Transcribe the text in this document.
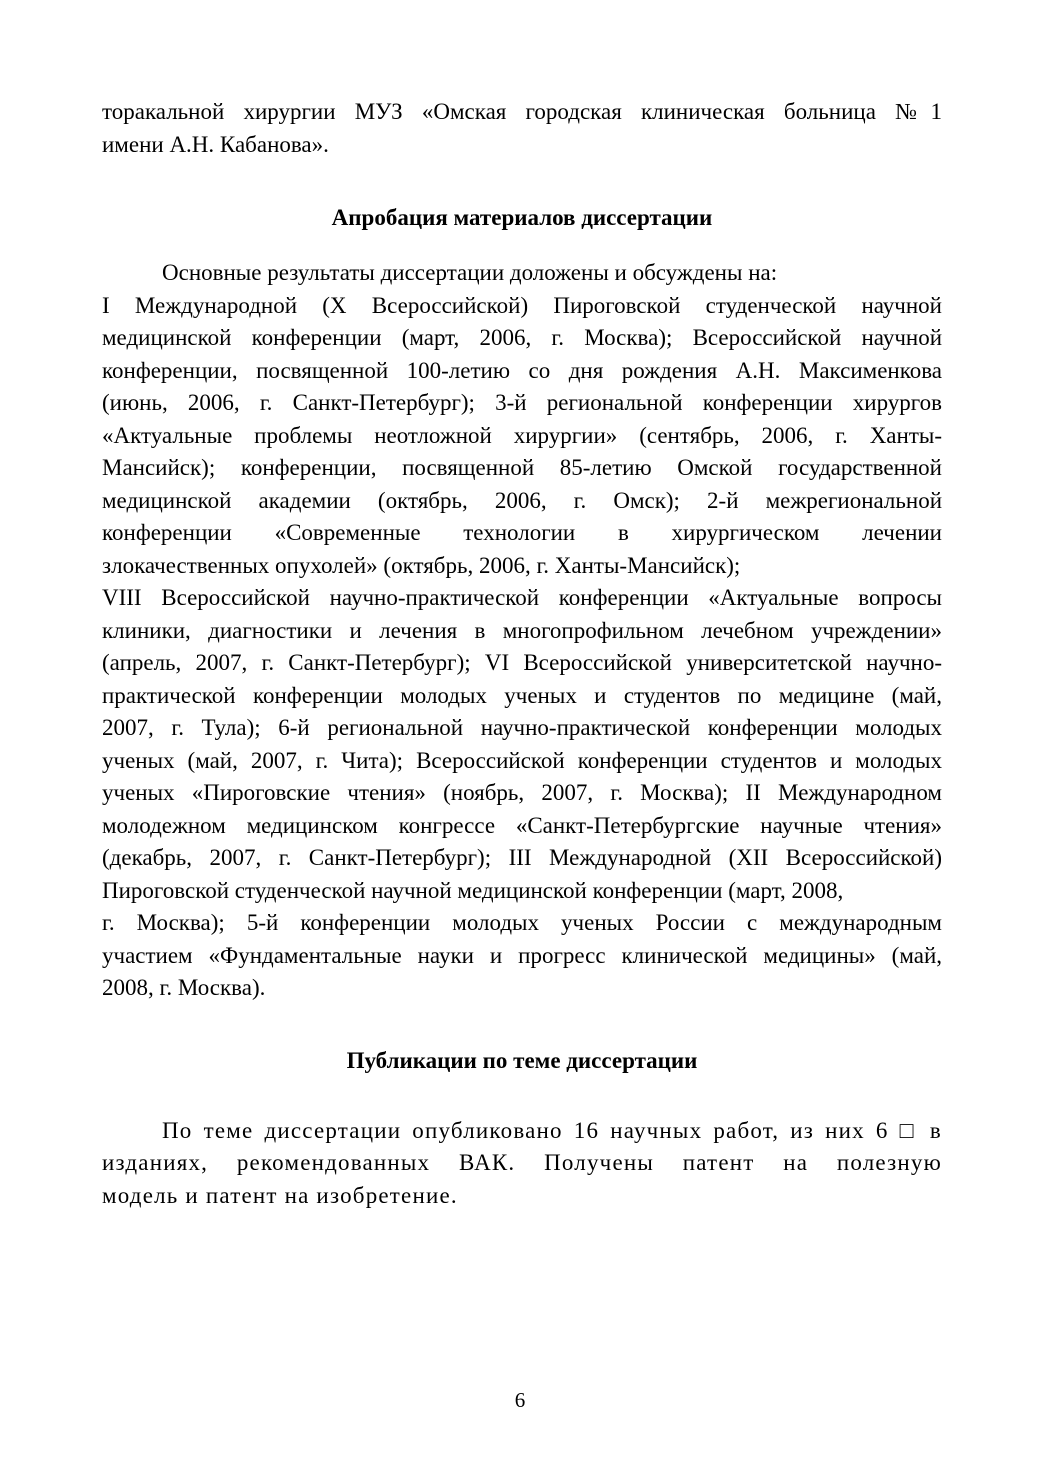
торакальной хирургии МУЗ «Омская городская клиническая больница №1
имени А.Н. Кабанова».
Апробация материалов диссертации
Основные результаты диссертации доложены и обсуждены на:
I Международной (X Всероссийской) Пироговской студенческой научной
медицинской конференции (март, 2006, г. Москва); Всероссийской научной
конференции, посвященной 100-летию со дня рождения А.Н. Максименкова
(июнь, 2006, г. Санкт-Петербург); 3-й региональной конференции хирургов
«Актуальные проблемы неотложной хирургии» (сентябрь, 2006, г. Ханты-
Мансийск); конференции, посвященной 85-летию Омской государственной
медицинской академии (октябрь, 2006, г. Омск); 2-й межрегиональной
конференции «Современные технологии в хирургическом лечении
злокачественных опухолей» (октябрь, 2006, г. Ханты-Мансийск);
VIII Всероссийской научно-практической конференции «Актуальные вопросы
клиники, диагностики и лечения в многопрофильном лечебном учреждении»
(апрель, 2007, г. Санкт-Петербург); VI Всероссийской университетской научно-
практической конференции молодых ученых и студентов по медицине (май,
2007, г. Тула); 6-й региональной научно-практической конференции молодых
ученых (май, 2007, г. Чита); Всероссийской конференции студентов и молодых
ученых «Пироговские чтения» (ноябрь, 2007, г. Москва); II Международном
молодежном медицинском конгрессе «Санкт-Петербургские научные чтения»
(декабрь, 2007, г. Санкт-Петербург); III Международной (XII Всероссийской)
Пироговской студенческой научной медицинской конференции (март, 2008,
г. Москва); 5-й конференции молодых ученых России с международным
участием «Фундаментальные науки и прогресс клинической медицины» (май,
2008, г. Москва).
Публикации по теме диссертации
По теме диссертации опубликовано 16 научных работ, из них 6 □ в
изданиях, рекомендованных ВАК. Получены патент на полезную
модель и патент на изобретение.
6
